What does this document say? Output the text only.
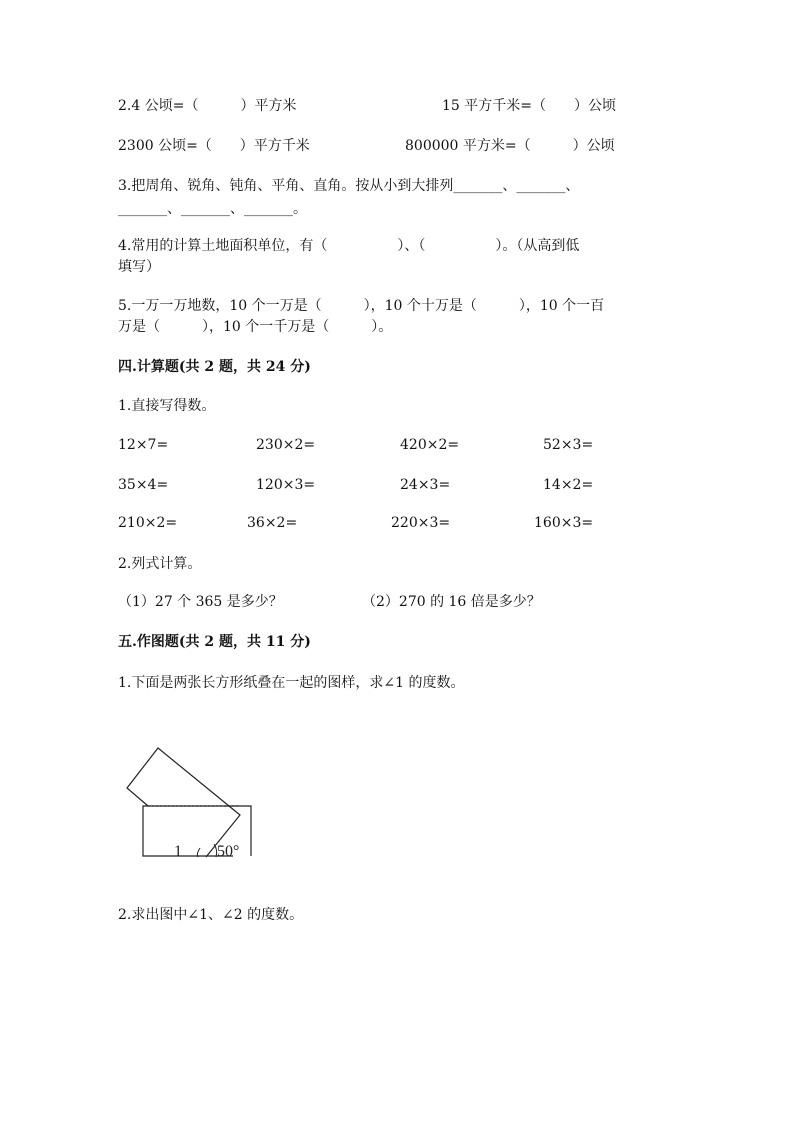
2.4 公顷=（　　　）平方米	15 平方千米=（　　）公顷
2300 公顷=（　　）平方千米	800000 平方米=（　　　）公顷
3.把周角、锐角、钝角、平角、直角。按从小到大排列_______、_______、
_______、_______、_______。
4.常用的计算土地面积单位，有（　　　　　）、（　　　　　）。（从高到低
填写）
5.一万一万地数，10 个一万是（　　　），10 个十万是（　　　），10 个一百
万是（　　　），10 个一千万是（　　　）。
四.计算题(共 2 题，共 24 分)
1.直接写得数。
12×7=	230×2=	420×2=	52×3=
35×4=	120×3=	24×3=	14×2=
210×2=	36×2=	220×3=	160×3=
2.列式计算。
（1）27 个 365 是多少？	（2）270 的 16 倍是多少？
五.作图题(共 2 题，共 11 分)
1.下面是两张长方形纸叠在一起的图样，求∠1 的度数。
1 50°
2.求出图中∠1、∠2 的度数。
